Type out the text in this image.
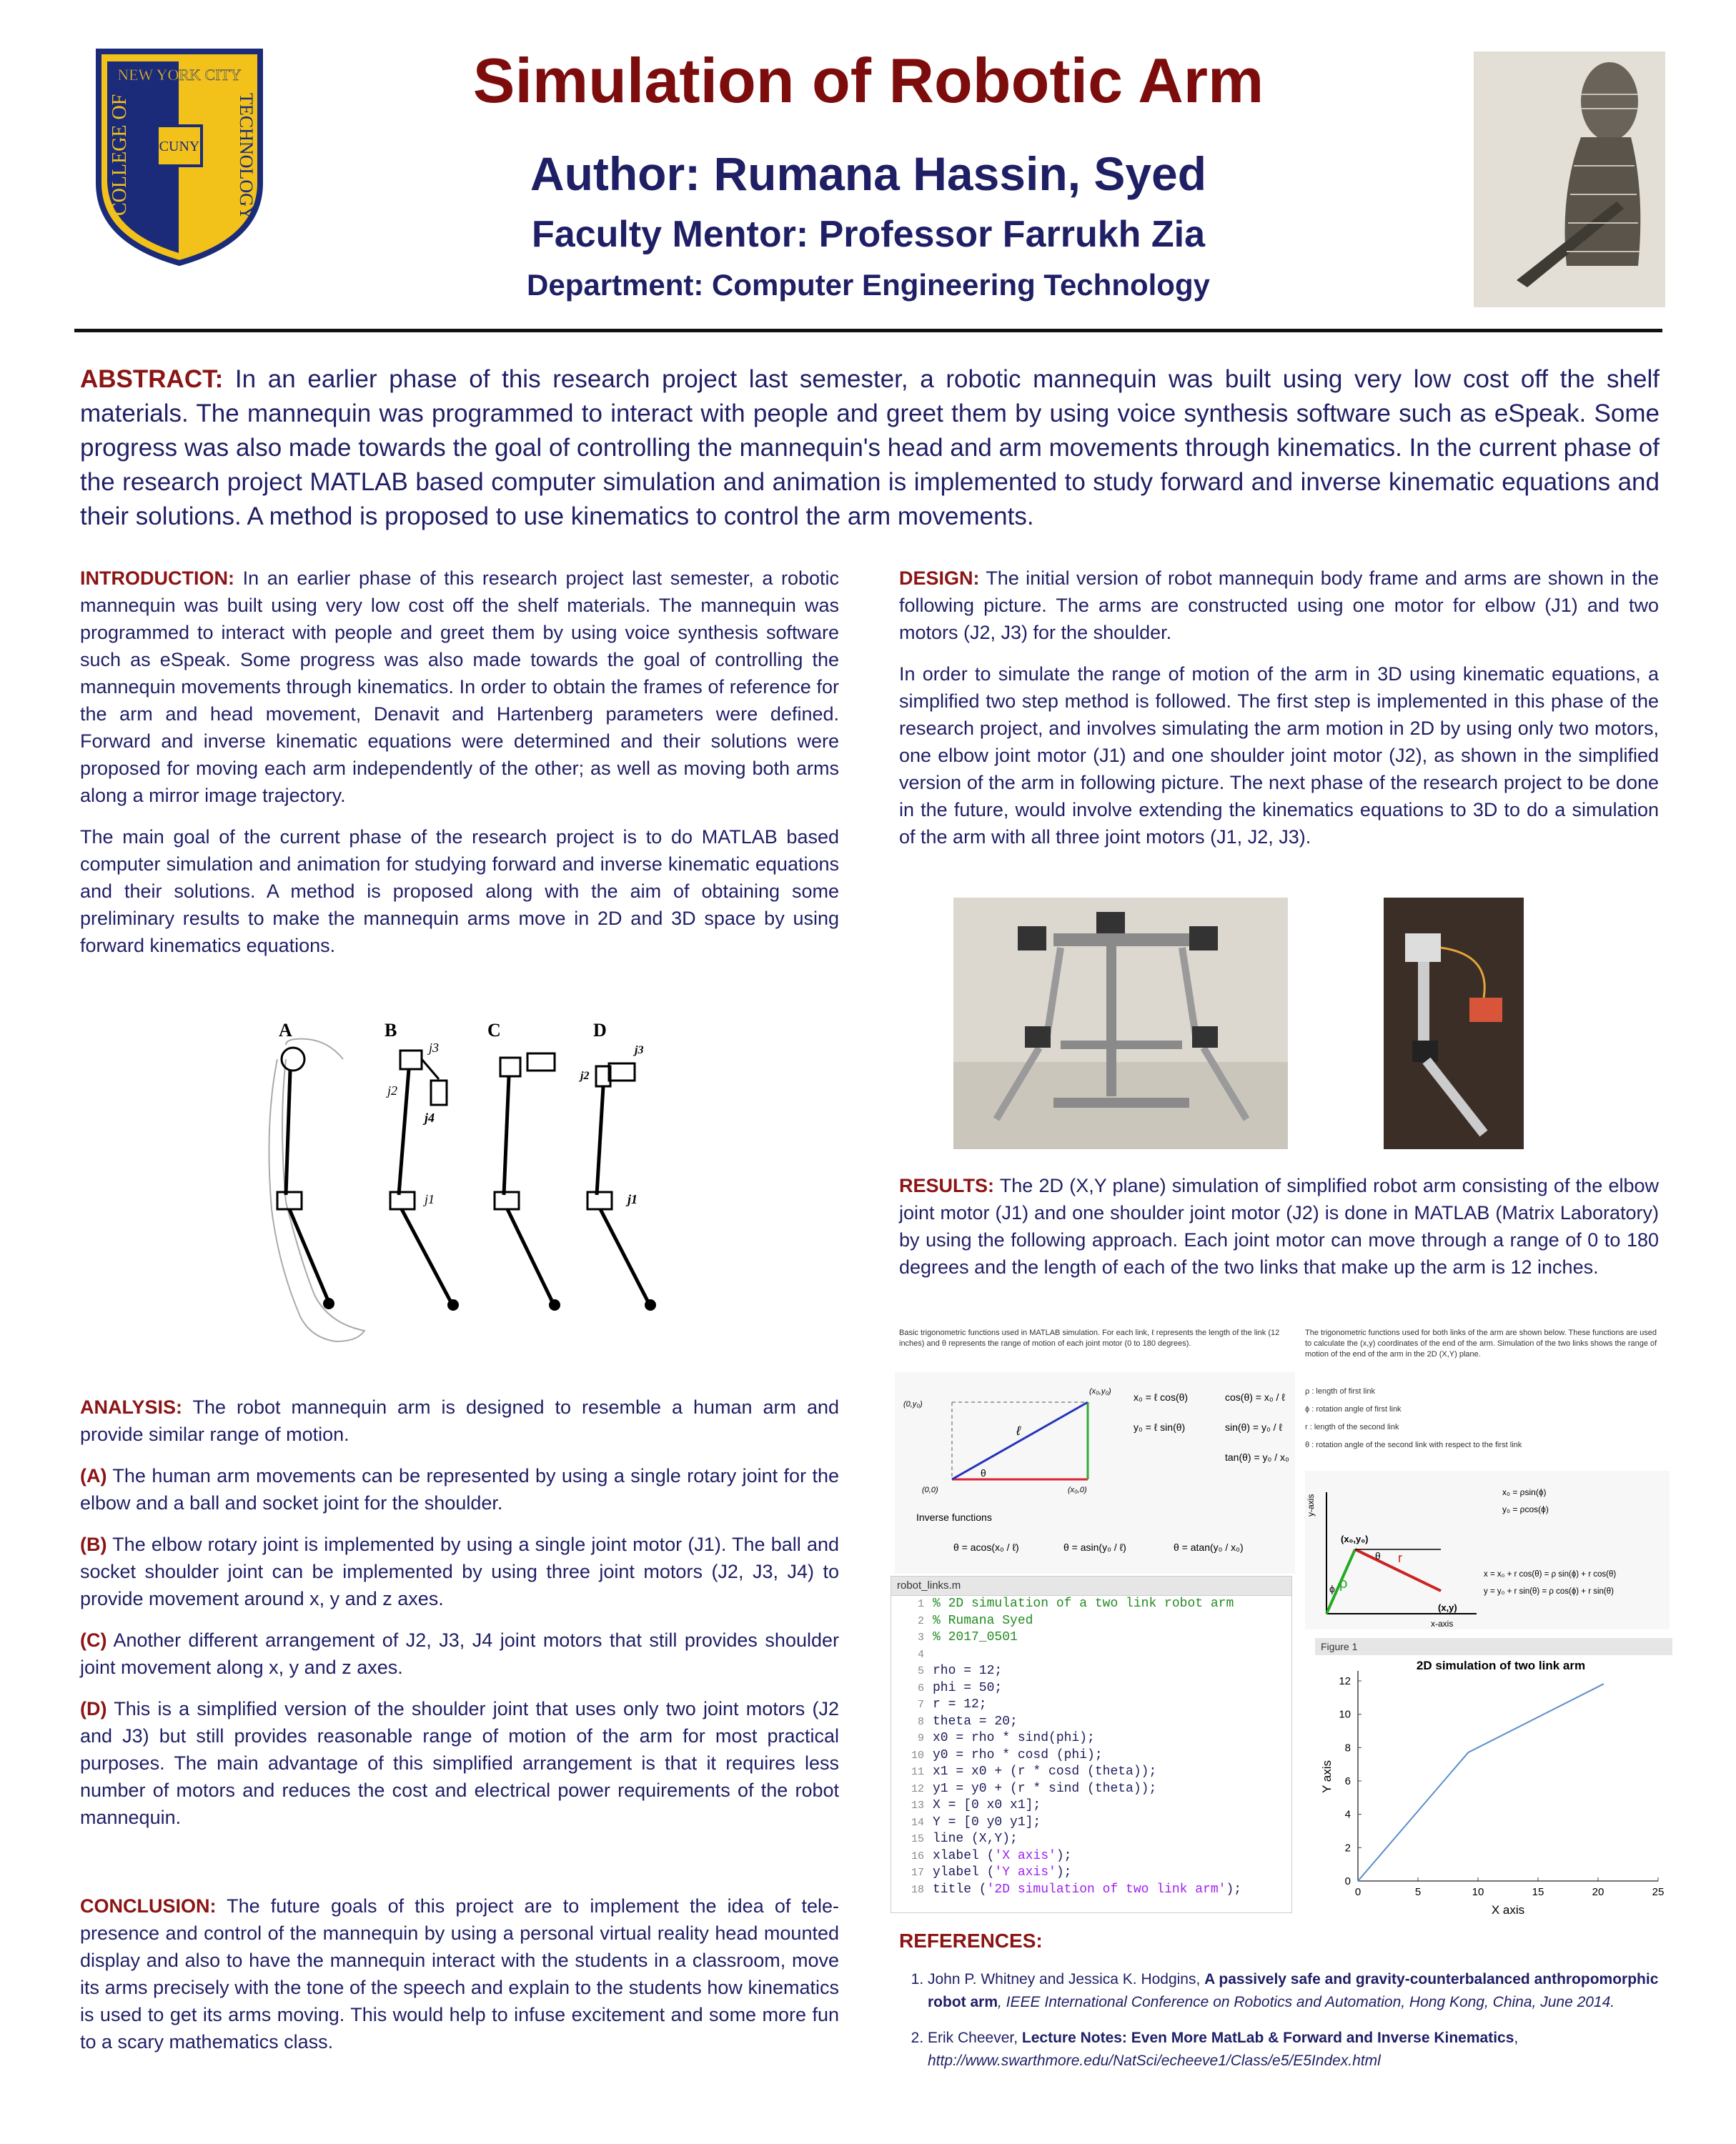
CUNY
NEW YORK CITY
COLLEGE OF	TECHNOLOGY
Simulation of Robotic Arm
Author: Rumana Hassin, Syed
Faculty Mentor: Professor Farrukh Zia
Department: Computer Engineering Technology
ABSTRACT: In an earlier phase of this research project last semester, a robotic mannequin was built using very low cost off the shelf materials. The mannequin was programmed to interact with people and greet them by using voice synthesis software such as eSpeak. Some progress was also made towards the goal of controlling the mannequin's head and arm movements through kinematics. In the current phase of the research project MATLAB based computer simulation and animation is implemented to study forward and inverse kinematic equations and their solutions. A method is proposed to use kinematics to control the arm movements.

INTRODUCTION: In an earlier phase of this research project last semester, a robotic mannequin was built using very low cost off the shelf materials. The mannequin was programmed to interact with people and greet them by using voice synthesis software such as eSpeak. Some progress was also made towards the goal of controlling the mannequin movements through kinematics. In order to obtain the frames of reference for the arm and head movement, Denavit and Hartenberg parameters were defined. Forward and inverse kinematic equations were determined and their solutions were proposed for moving each arm independently of the other; as well as moving both arms along a mirror image trajectory.

The main goal of the current phase of the research project is to do MATLAB based computer simulation and animation for studying forward and inverse kinematic equations and their solutions. A method is proposed along with the aim of obtaining some preliminary results to make the mannequin arms move in 2D and 3D space by using forward kinematics equations.

A	B	C	D
j3
j2
j4
j1
j2
j3
j1

ANALYSIS: The robot mannequin arm is designed to resemble a human arm and provide similar range of motion.

(A) The human arm movements can be represented by using a single rotary joint for the elbow and a ball and socket joint for the shoulder.

(B) The elbow rotary joint is implemented by using a single joint motor (J1). The ball and socket shoulder joint can be implemented by using three joint motors (J2, J3, J4) to provide movement around x, y and z axes.

(C) Another different arrangement of J2, J3, J4 joint motors that still provides shoulder joint movement along x, y and z axes.

(D) This is a simplified version of the shoulder joint that uses only two joint motors (J2 and J3) but still provides reasonable range of motion of the arm for most practical purposes. The main advantage of this simplified arrangement is that it requires less number of motors and reduces the cost and electrical power requirements of the robot mannequin.

CONCLUSION: The future goals of this project are to implement the idea of tele-presence and control of the mannequin by using a personal virtual reality head mounted display and also to have the mannequin interact with the students in a classroom, move its arms precisely with the tone of the speech and explain to the students how kinematics is used to get its arms moving. This would help to infuse excitement and some more fun to a scary mathematics class.

DESIGN: The initial version of robot mannequin body frame and arms are shown in the following picture. The arms are constructed using one motor for elbow (J1) and two motors (J2, J3) for the shoulder.

In order to simulate the range of motion of the arm in 3D using kinematic equations, a simplified two step method is followed. The first step is implemented in this phase of the research project, and involves simulating the arm motion in 2D by using only two motors, one elbow joint motor (J1) and one shoulder joint motor (J2), as shown in the simplified version of the arm in following picture. The next phase of the research project to be done in the future, would involve extending the kinematics equations to 3D to do a simulation of the arm with all three joint motors (J1, J2, J3).

RESULTS: The 2D (X,Y plane) simulation of simplified robot arm consisting of the elbow joint motor (J1) and one shoulder joint motor (J2) is done in MATLAB (Matrix Laboratory) by using the following approach. Each joint motor can move through a range of 0 to 180 degrees and the length of each of the two links that make up the arm is 12 inches.

Basic trigonometric functions used in MATLAB simulation. For each link, ℓ represents the length of the link (12 inches) and θ represents the range of motion of each joint motor (0 to 180 degrees).
The trigonometric functions used for both links of the arm are shown below. These functions are used to calculate the (x,y) coordinates of the end of the arm. Simulation of the two links shows the range of motion of the end of the arm in the 2D (X,Y) plane.
(0,0)
(x₀,y₀)
(0,y₀)
(x₀,0)
ℓ
θ
x₀ = ℓ cos(θ)
y₀ = ℓ sin(θ)
cos(θ) = x₀ / ℓ
sin(θ) = y₀ / ℓ
tan(θ) = y₀ / x₀
Inverse functions
θ = acos(x₀ / ℓ)	θ = asin(y₀ / ℓ)	θ = atan(y₀ / x₀)
ρ : length of first link
ϕ : rotation angle of first link
r : length of the second link
θ : rotation angle of the second link with respect to the first link
y-axis
x-axis
(x₀,y₀)
(x,y)
ρ
r
θ
ϕ
x₀ = ρsin(ϕ)
y₀ = ρcos(ϕ)
x = x₀ + r cos(θ) = ρ sin(ϕ) + r cos(θ)
y = y₀ + r sin(θ) = ρ cos(ϕ) + r sin(θ)
robot_links.m
1 % 2D simulation of a two link robot arm
2 % Rumana Syed
3 % 2017_0501
4
5 rho = 12;
6 phi = 50;
7 r = 12;
8 theta = 20;
9 x0 = rho * sind(phi);
10 y0 = rho * cosd (phi);
11 x1 = x0 + (r * cosd (theta));
12 y1 = y0 + (r * sind (theta));
13 X = [0 x0 x1];
14 Y = [0 y0 y1];
15 line (X,Y);
16 xlabel ('X axis');
17 ylabel ('Y axis');
18 title ('2D simulation of two link arm');
Figure 1
2D simulation of two link arm
0	5	10	15	20	25
0
2
4
6
8
10
12
X axis
Y axis
REFERENCES:
1. John P. Whitney and Jessica K. Hodgins, A passively safe and gravity-counterbalanced anthropomorphic robot arm, IEEE International Conference on Robotics and Automation, Hong Kong, China, June 2014.
2. Erik Cheever, Lecture Notes: Even More MatLab & Forward and Inverse Kinematics,
http://www.swarthmore.edu/NatSci/echeeve1/Class/e5/E5Index.html
